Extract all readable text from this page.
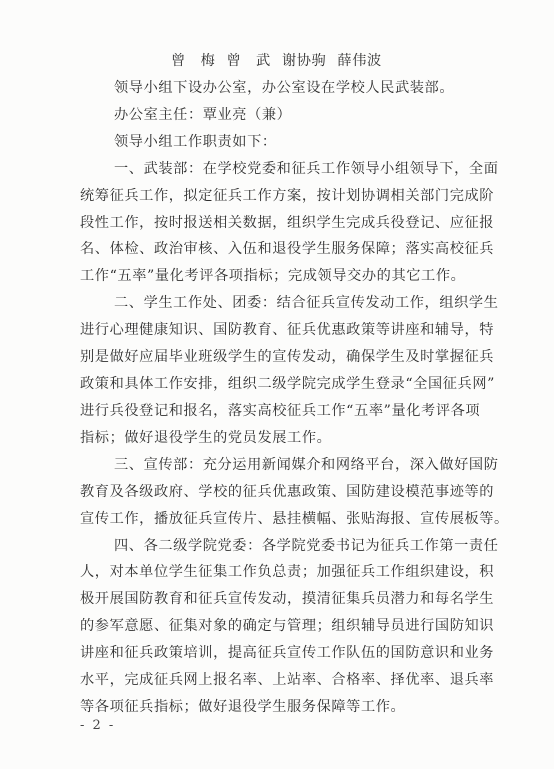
曾　梅 曾　武 谢协驹 薛伟波
领导小组下设办公室，办公室设在学校人民武装部。
办公室主任：覃业亮（兼）
领导小组工作职责如下：
一、武装部：在学校党委和征兵工作领导小组领导下，全面
统筹征兵工作，拟定征兵工作方案，按计划协调相关部门完成阶
段性工作，按时报送相关数据，组织学生完成兵役登记、应征报
名、体检、政治审核、入伍和退役学生服务保障；落实高校征兵
工作“五率”量化考评各项指标；完成领导交办的其它工作。
二、学生工作处、团委：结合征兵宣传发动工作，组织学生
进行心理健康知识、国防教育、征兵优惠政策等讲座和辅导，特
别是做好应届毕业班级学生的宣传发动，确保学生及时掌握征兵
政策和具体工作安排，组织二级学院完成学生登录“全国征兵网”
进行兵役登记和报名，落实高校征兵工作“五率”量化考评各项
指标；做好退役学生的党员发展工作。
三、宣传部：充分运用新闻媒介和网络平台，深入做好国防
教育及各级政府、学校的征兵优惠政策、国防建设模范事迹等的
宣传工作，播放征兵宣传片、悬挂横幅、张贴海报、宣传展板等。
四、各二级学院党委：各学院党委书记为征兵工作第一责任
人，对本单位学生征集工作负总责；加强征兵工作组织建设，积
极开展国防教育和征兵宣传发动，摸清征集兵员潜力和每名学生
的参军意愿、征集对象的确定与管理；组织辅导员进行国防知识
讲座和征兵政策培训，提高征兵宣传工作队伍的国防意识和业务
水平，完成征兵网上报名率、上站率、合格率、择优率、退兵率
等各项征兵指标；做好退役学生服务保障等工作。
- 2 -
